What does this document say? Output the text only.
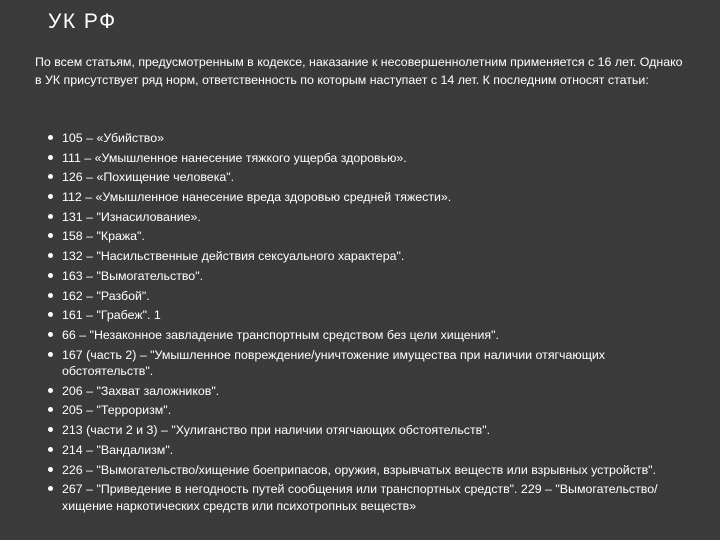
УК РФ
По всем статьям, предусмотренным в кодексе, наказание к несовершеннолетним применяется с 16 лет. Однако в УК присутствует ряд норм, ответственность по которым наступает с 14 лет. К последним относят статьи:
105 – «Убийство»
111 – «Умышленное нанесение тяжкого ущерба здоровью».
126 – «Похищение человека".
112 – «Умышленное нанесение вреда здоровью средней тяжести».
131 – "Изнасилование».
158 – "Кража".
132 – "Насильственные действия сексуального характера".
163 – "Вымогательство".
162 – "Разбой".
161 – "Грабеж". 1
66 – "Незаконное завладение транспортным средством без цели хищения".
167 (часть 2) – "Умышленное повреждение/уничтожение имущества при наличии отягчающих обстоятельств".
206 – "Захват заложников".
205 – "Терроризм".
213 (части 2 и 3) – "Хулиганство при наличии отягчающих обстоятельств".
214 – "Вандализм".
226 – "Вымогательство/хищение боеприпасов, оружия, взрывчатых веществ или взрывных устройств".
267 – "Приведение в негодность путей сообщения или транспортных средств". 229 – "Вымогательство/хищение наркотических средств или психотропных веществ»
